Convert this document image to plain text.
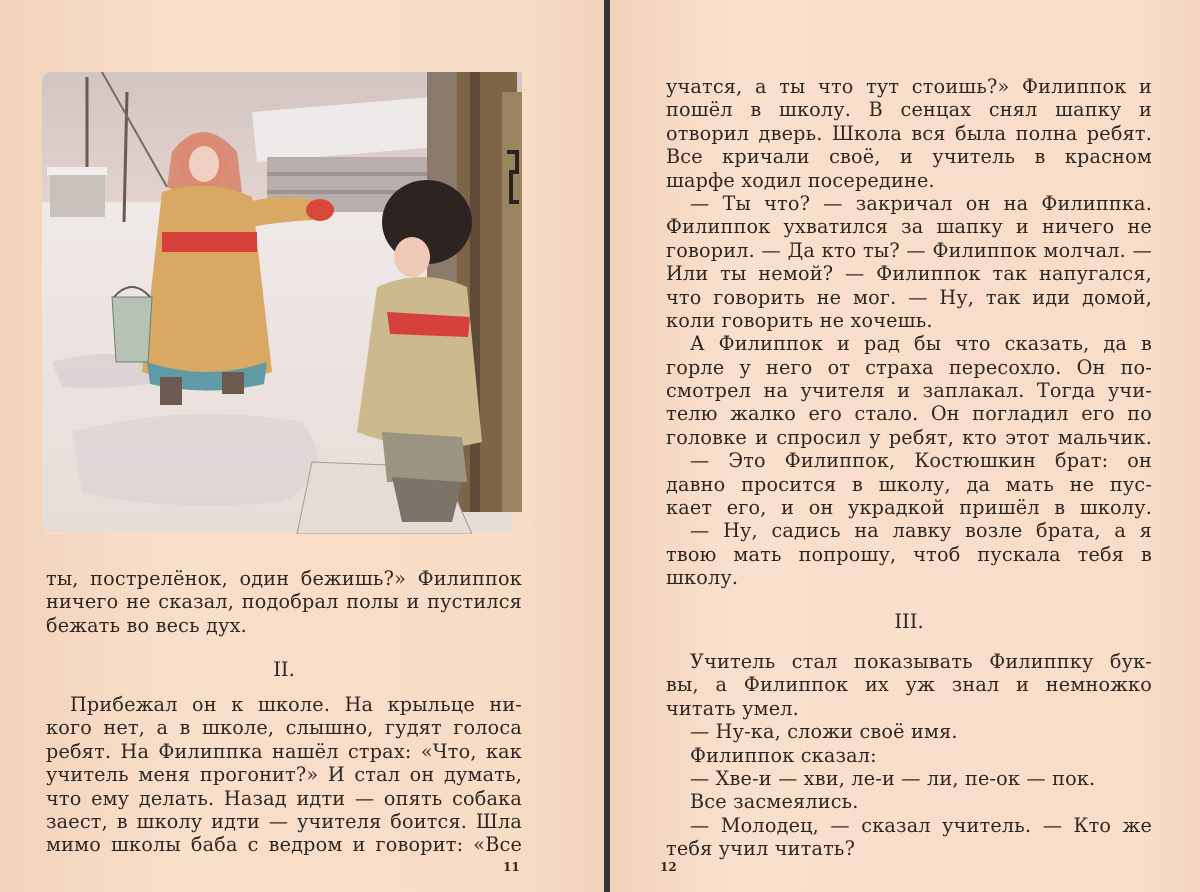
ты, пострелёнок, один бежишь?» Филиппок
ничего не сказал, подобрал полы и пустился
бежать во весь дух.
II.
Прибежал он к школе. На крыльце ни-
кого нет, а в школе, слышно, гудят голоса
ребят. На Филиппка нашёл страх: «Что, как
учитель меня прогонит?» И стал он думать,
что ему делать. Назад идти — опять собака
заест, в школу идти — учителя боится. Шла
мимо школы баба с ведром и говорит: «Все
11
учатся, а ты что тут стоишь?» Филиппок и
пошёл в школу. В сенцах снял шапку и
отворил дверь. Школа вся была полна ребят.
Все кричали своё, и учитель в красном
шарфе ходил посередине.
— Ты что? — закричал он на Филиппка.
Филиппок ухватился за шапку и ничего не
говорил. — Да кто ты? — Филиппок молчал. —
Или ты немой? — Филиппок так напугался,
что говорить не мог. — Ну, так иди домой,
коли говорить не хочешь.
А Филиппок и рад бы что сказать, да в
горле у него от страха пересохло. Он по-
смотрел на учителя и заплакал. Тогда учи-
телю жалко его стало. Он погладил его по
головке и спросил у ребят, кто этот мальчик.
— Это Филиппок, Костюшкин брат: он
давно просится в школу, да мать не пус-
кает его, и он украдкой пришёл в школу.
— Ну, садись на лавку возле брата, а я
твою мать попрошу, чтоб пускала тебя в
школу.
III.
Учитель стал показывать Филиппку бук-
вы, а Филиппок их уж знал и немножко
читать умел.
— Ну-ка, сложи своё имя.
Филиппок сказал:
— Хве-и — хви, ле-и — ли, пе-ок — пок.
Все засмеялись.
— Молодец, — сказал учитель. — Кто же
тебя учил читать?
12
